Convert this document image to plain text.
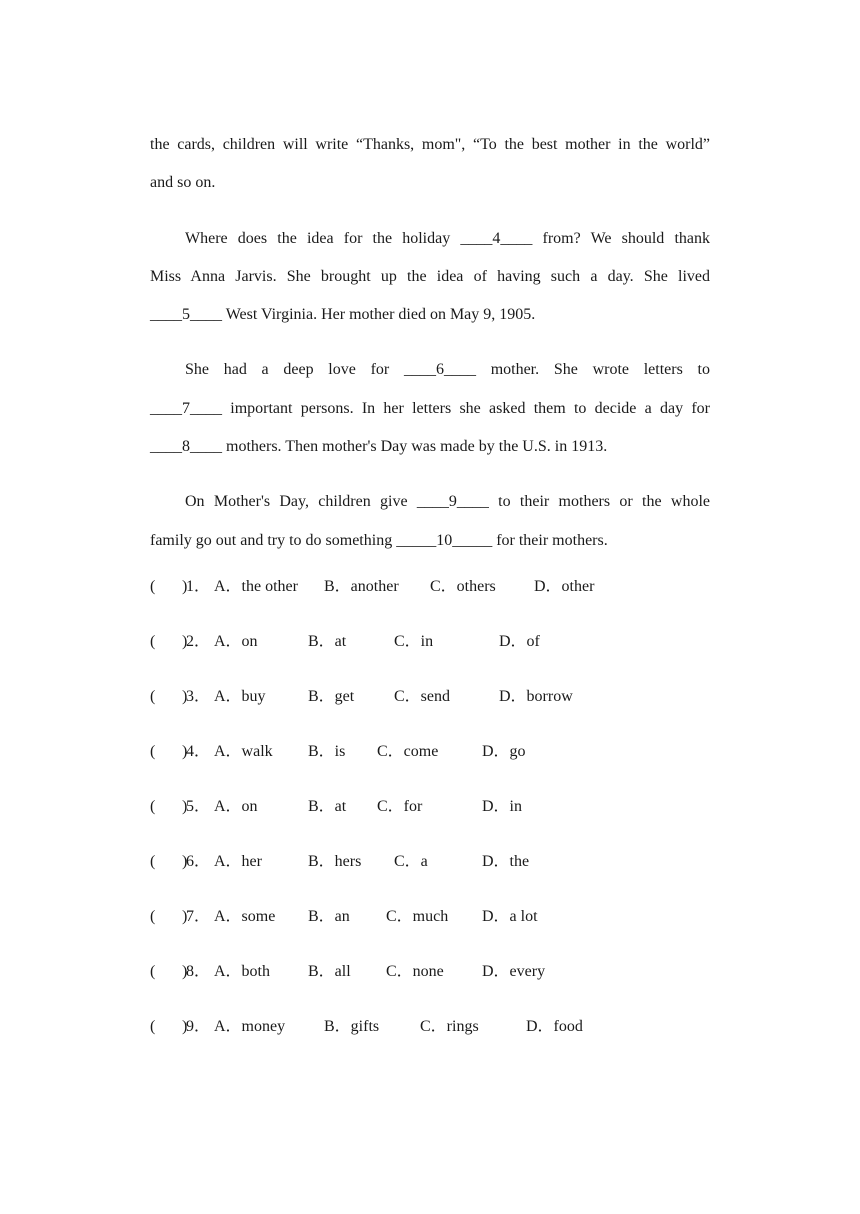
the cards, children will write “Thanks, mom", “To the best mother in the world”
and so on.
Where does the idea for the holiday ____4____ from? We should thank
Miss Anna Jarvis. She brought up the idea of having such a day. She lived
____5____ West Virginia. Her mother died on May 9, 1905.
She had a deep love for ____6____ mother. She wrote letters to
____7____ important persons. In her letters she asked them to decide a day for
____8____ mothers. Then mother's Day was made by the U.S. in 1913.
On Mother's Day, children give ____9____ to their mothers or the whole
family go out and try to do something _____10_____ for their mothers.
( )
1． A．the other B．another C．others D．other
( )
2． A．on	B．at	C．in	D．of
( )
3． A．buy	B．get C．send	D．borrow
( )
4． A．walk B．is C．come	D．go
( )
5． A．on	B．at C．for	D．in
( )
6． A．her	B．hers C．a	D．the
( )
7． A．some B．an C．much D．a lot
( )
8． A．both B．all C．none D．every
( )
9． A．money B．gifts	C．rings	D．food
